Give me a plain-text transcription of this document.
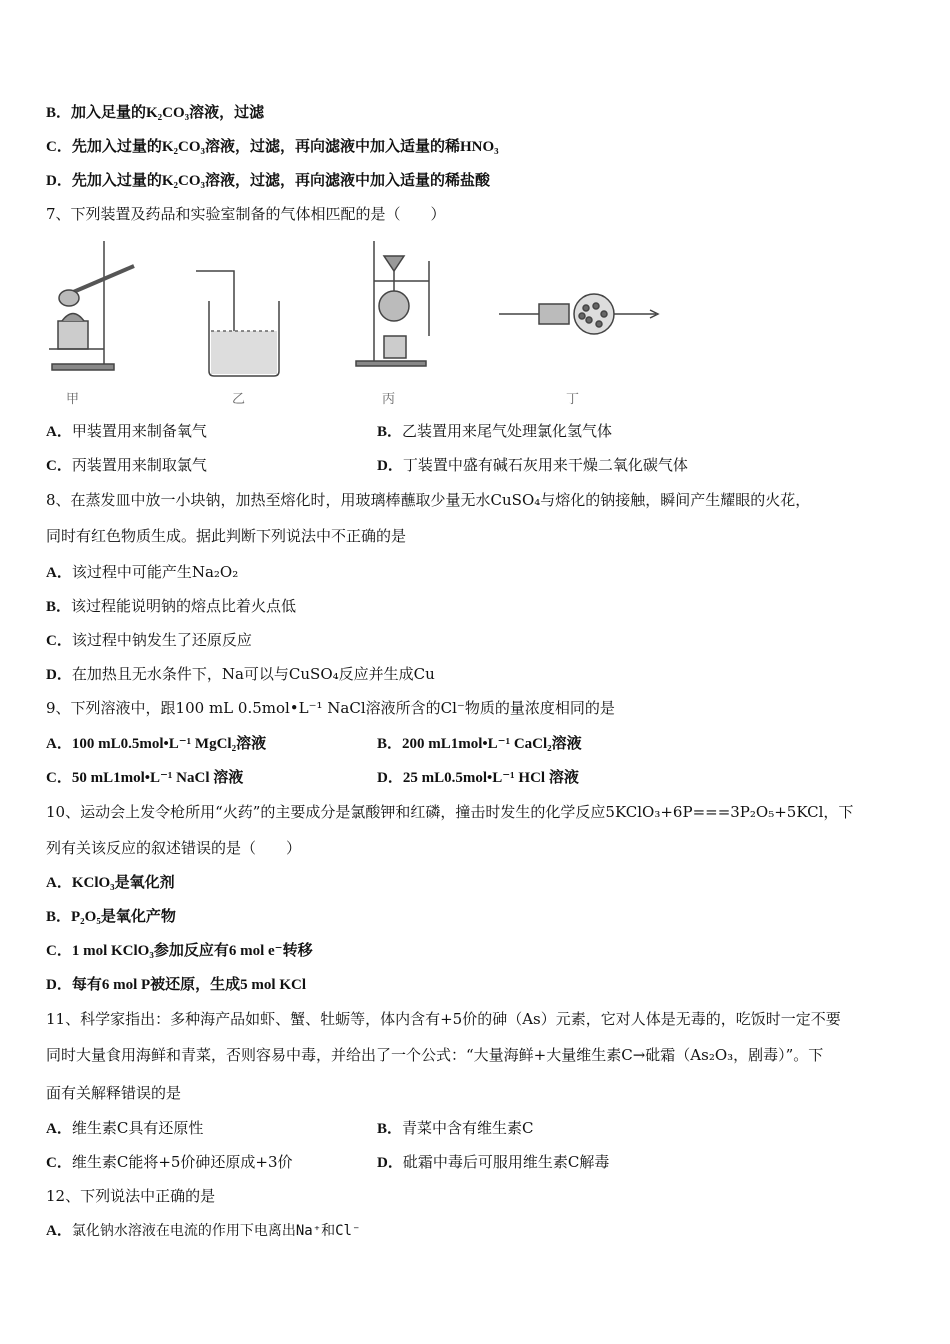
B．加入足量的K₂CO₃溶液，过滤
C．先加入过量的K₂CO₃溶液，过滤，再向滤液中加入适量的稀HNO₃
D．先加入过量的K₂CO₃溶液，过滤，再向滤液中加入适量的稀盐酸
7、下列装置及药品和实验室制备的气体相匹配的是（　　）
甲	乙	丙	丁
A．甲装置用来制备氧气	B．乙装置用来尾气处理氯化氢气体
C．丙装置用来制取氯气	D．丁装置中盛有碱石灰用来干燥二氧化碳气体
8、在蒸发皿中放一小块钠，加热至熔化时，用玻璃棒蘸取少量无水CuSO₄与熔化的钠接触，瞬间产生耀眼的火花，
同时有红色物质生成。据此判断下列说法中不正确的是
A．该过程中可能产生Na₂O₂
B．该过程能说明钠的熔点比着火点低
C．该过程中钠发生了还原反应
D．在加热且无水条件下，Na可以与CuSO₄反应并生成Cu
9、下列溶液中，跟100 mL 0.5mol•L⁻¹ NaCl溶液所含的Cl⁻物质的量浓度相同的是
A．100 mL0.5mol•L⁻¹ MgCl₂溶液	B．200 mL1mol•L⁻¹ CaCl₂溶液
C．50 mL1mol•L⁻¹ NaCl 溶液	D．25 mL0.5mol•L⁻¹ HCl 溶液
10、运动会上发令枪所用“火药”的主要成分是氯酸钾和红磷，撞击时发生的化学反应5KClO₃+6P===3P₂O₅+5KCl，下
列有关该反应的叙述错误的是（　　）
A．KClO₃是氧化剂
B．P₂O₅是氧化产物
C．1 mol KClO₃参加反应有6 mol e⁻转移
D．每有6 mol P被还原，生成5 mol KCl
11、科学家指出：多种海产品如虾、蟹、牡蛎等，体内含有+5价的砷（As）元素，它对人体是无毒的，吃饭时一定不要
同时大量食用海鲜和青菜，否则容易中毒，并给出了一个公式：“大量海鲜+大量维生素C→砒霜（As₂O₃，剧毒）”。下
面有关解释错误的是
A．维生素C具有还原性	B．青菜中含有维生素C
C．维生素C能将+5价砷还原成+3价	D．砒霜中毒后可服用维生素C解毒
12、下列说法中正确的是
A．氯化钠水溶液在电流的作用下电离出Na⁺和Cl⁻
